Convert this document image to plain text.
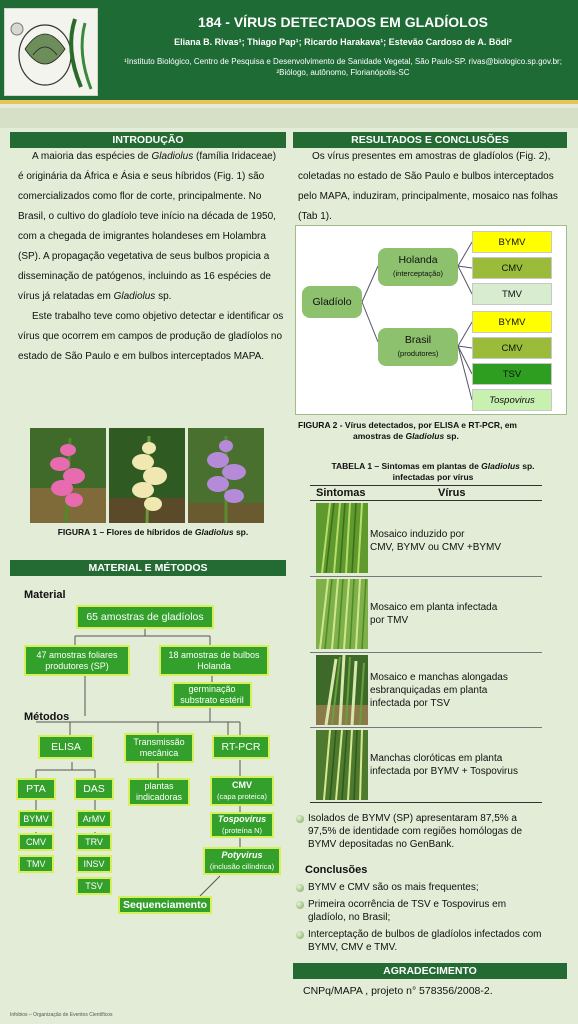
184 - VÍRUS DETECTADOS EM GLADÍOLOS
Eliana B. Rivas¹; Thiago Pap¹; Ricardo Harakava¹; Estevão Cardoso de A. Bödi²
¹Instituto Biológico, Centro de Pesquisa e Desenvolvimento de Sanidade Vegetal, São Paulo-SP. rivas@biologico.sp.gov.br;
²Biólogo, autônomo, Florianópolis-SC
INTRODUÇÃO

A maioria das espécies de Gladiolus (família Iridaceae) é originária da África e Ásia e seus híbridos (Fig. 1) são comercializados como flor de corte, principalmente. No Brasil, o cultivo do gladíolo teve início na década de 1950, com a chegada de imigrantes holandeses em Holambra (SP). A propagação vegetativa de seus bulbos propicia a disseminação de patógenos, incluindo as 16 espécies de vírus já relatadas em Gladiolus sp.

Este trabalho teve como objetivo detectar e identificar os vírus que ocorrem em campos de produção de gladíolos no estado de São Paulo e em bulbos interceptados MAPA.

FIGURA 1 – Flores de híbridos de Gladiolus sp.
MATERIAL E MÉTODOS
Material
Métodos
65 amostras de gladíolos
47 amostras foliares produtores (SP)
18 amostras de bulbos Holanda
germinação substrato estéril
ELISA	Transmissão mecânica
RT-PCR
PTA	DAS	plantas indicadoras
CMV
(capa proteica)
BYMV
CMV
TMV
ArMV
TRV
INSV
TSV
Tospovirus
(proteína N)
Potyvirus
(inclusão cilíndrica)
Sequenciamento
RESULTADOS E CONCLUSÕES

Os vírus presentes em amostras de gladíolos (Fig. 2), coletadas no estado de São Paulo e bulbos interceptados pelo MAPA, induziram, principalmente, mosaico nas folhas (Tab 1).

Gladíolo
Holanda
(interceptação)
Brasil
(produtores)
BYMV
CMV
TMV
BYMV
CMV
TSV
Tospovirus
FIGURA 2 - Vírus detectados, por ELISA e RT-PCR, em
amostras de Gladiolus sp.
TABELA 1 – Sintomas em plantas de Gladiolus sp.
infectadas por vírus
Sintomas	Vírus
Mosaico induzido por
CMV, BYMV ou CMV +BYMV
Mosaico em planta infectada
por TMV
Mosaico e manchas alongadas
esbranquiçadas em planta
infectada por TSV
Manchas cloróticas em planta
infectada por BYMV + Tospovirus
Isolados de BYMV (SP) apresentaram 87,5% a 97,5% de identidade com regiões homólogas de BYMV depositadas no GenBank.
Conclusões
BYMV e CMV são os mais frequentes;
Primeira ocorrência de TSV e Tospovirus em gladíolo, no Brasil;
Interceptação de bulbos de gladíolos infectados com BYMV, CMV e TMV.
AGRADECIMENTO
CNPq/MAPA , projeto n° 578356/2008-2.
Infobios – Organização de Eventos Científicos
